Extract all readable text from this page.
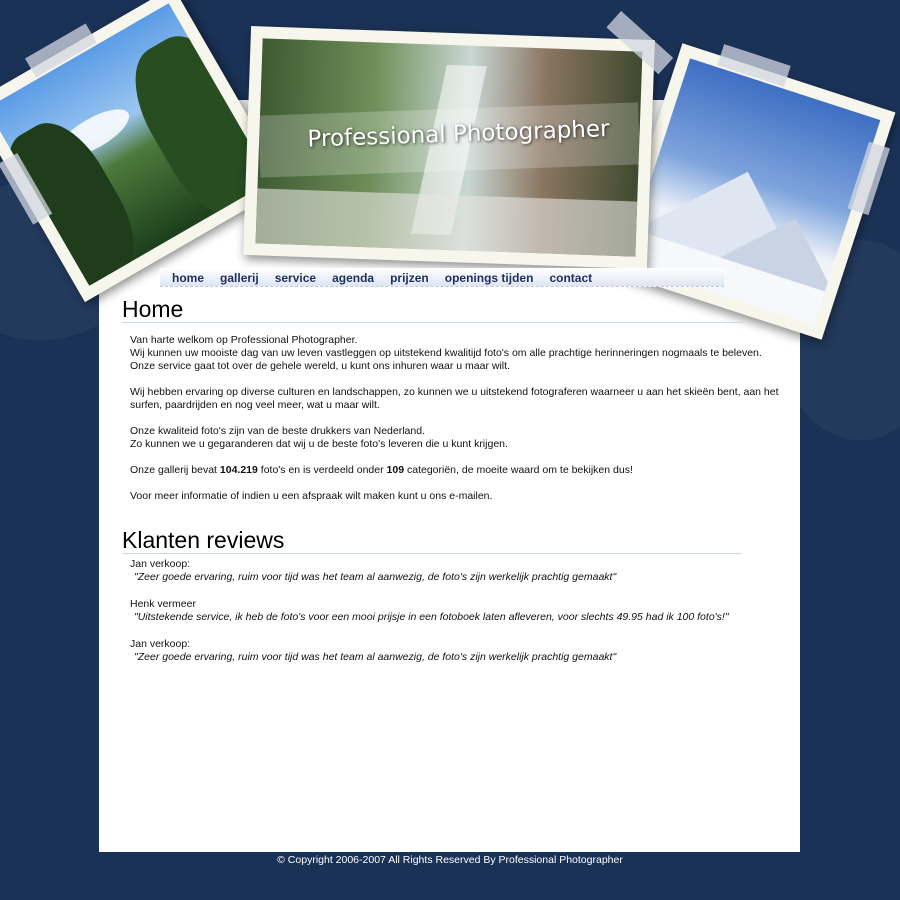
Professional Photographer
home	gallerij	service	agenda	prijzen	openings tijden	contact
Home

Van harte welkom op Professional Photographer.
Wij kunnen uw mooiste dag van uw leven vastleggen op uitstekend kwalitijd foto's om alle prachtige herinneringen nogmaals te beleven.
Onze service gaat tot over de gehele wereld, u kunt ons inhuren waar u maar wilt.

Wij hebben ervaring op diverse culturen en landschappen, zo kunnen we u uitstekend fotograferen waarneer u aan het skieën bent, aan het surfen, paardrijden en nog veel meer, wat u maar wilt.

Onze kwaliteid foto's zijn van de beste drukkers van Nederland.
Zo kunnen we u gegaranderen dat wij u de beste foto's leveren die u kunt krijgen.

Onze gallerij bevat 104.219 foto's en is verdeeld onder 109 categoriën, de moeite waard om te bekijken dus!

Voor meer informatie of indien u een afspraak wilt maken kunt u ons e-mailen.

Klanten reviews
Jan verkoop:
"Zeer goede ervaring, ruim voor tijd was het team al aanwezig, de foto's zijn werkelijk prachtig gemaakt"
Henk vermeer
"Uitstekende service, ik heb de foto's voor een mooi prijsje in een fotoboek laten afleveren, voor slechts 49.95 had ik 100 foto's!"
Jan verkoop:
"Zeer goede ervaring, ruim voor tijd was het team al aanwezig, de foto's zijn werkelijk prachtig gemaakt"
© Copyright 2006-2007 All Rights Reserved By Professional Photographer
